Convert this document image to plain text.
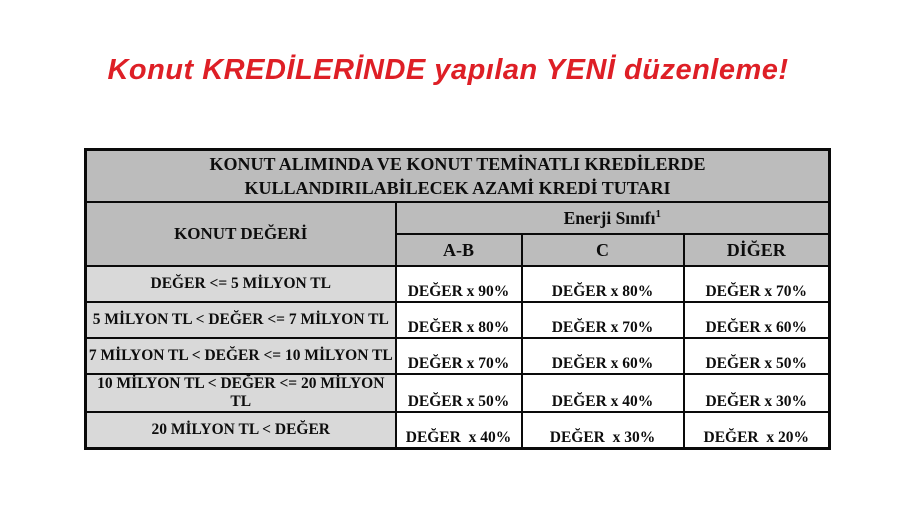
Konut KREDİLERİNDE yapılan YENİ düzenleme!
KONUT ALIMINDA VE KONUT TEMİNATLI KREDİLERDE
KULLANDIRILABİLECEK AZAMİ KREDİ TUTARI			

KONUT DEĞERİ	Enerji Sınıfı$^1$
	A-B	C	DİĞER
DEĞER <= 5 MİLYON TL	DEĞER x 90%	DEĞER x 80%	DEĞER x 70%
5 MİLYON TL < DEĞER <= 7 MİLYON TL	DEĞER x 80%	DEĞER x 70%	DEĞER x 60%
7 MİLYON TL < DEĞER <= 10 MİLYON TL	DEĞER x 70%	DEĞER x 60%	DEĞER x 50%
10 MİLYON TL < DEĞER <= 20 MİLYON TL	DEĞER x 50%	DEĞER x 40%	DEĞER x 30%
20 MİLYON TL < DEĞER	DEĞER  x 40%	DEĞER  x 30%	DEĞER  x 20%
